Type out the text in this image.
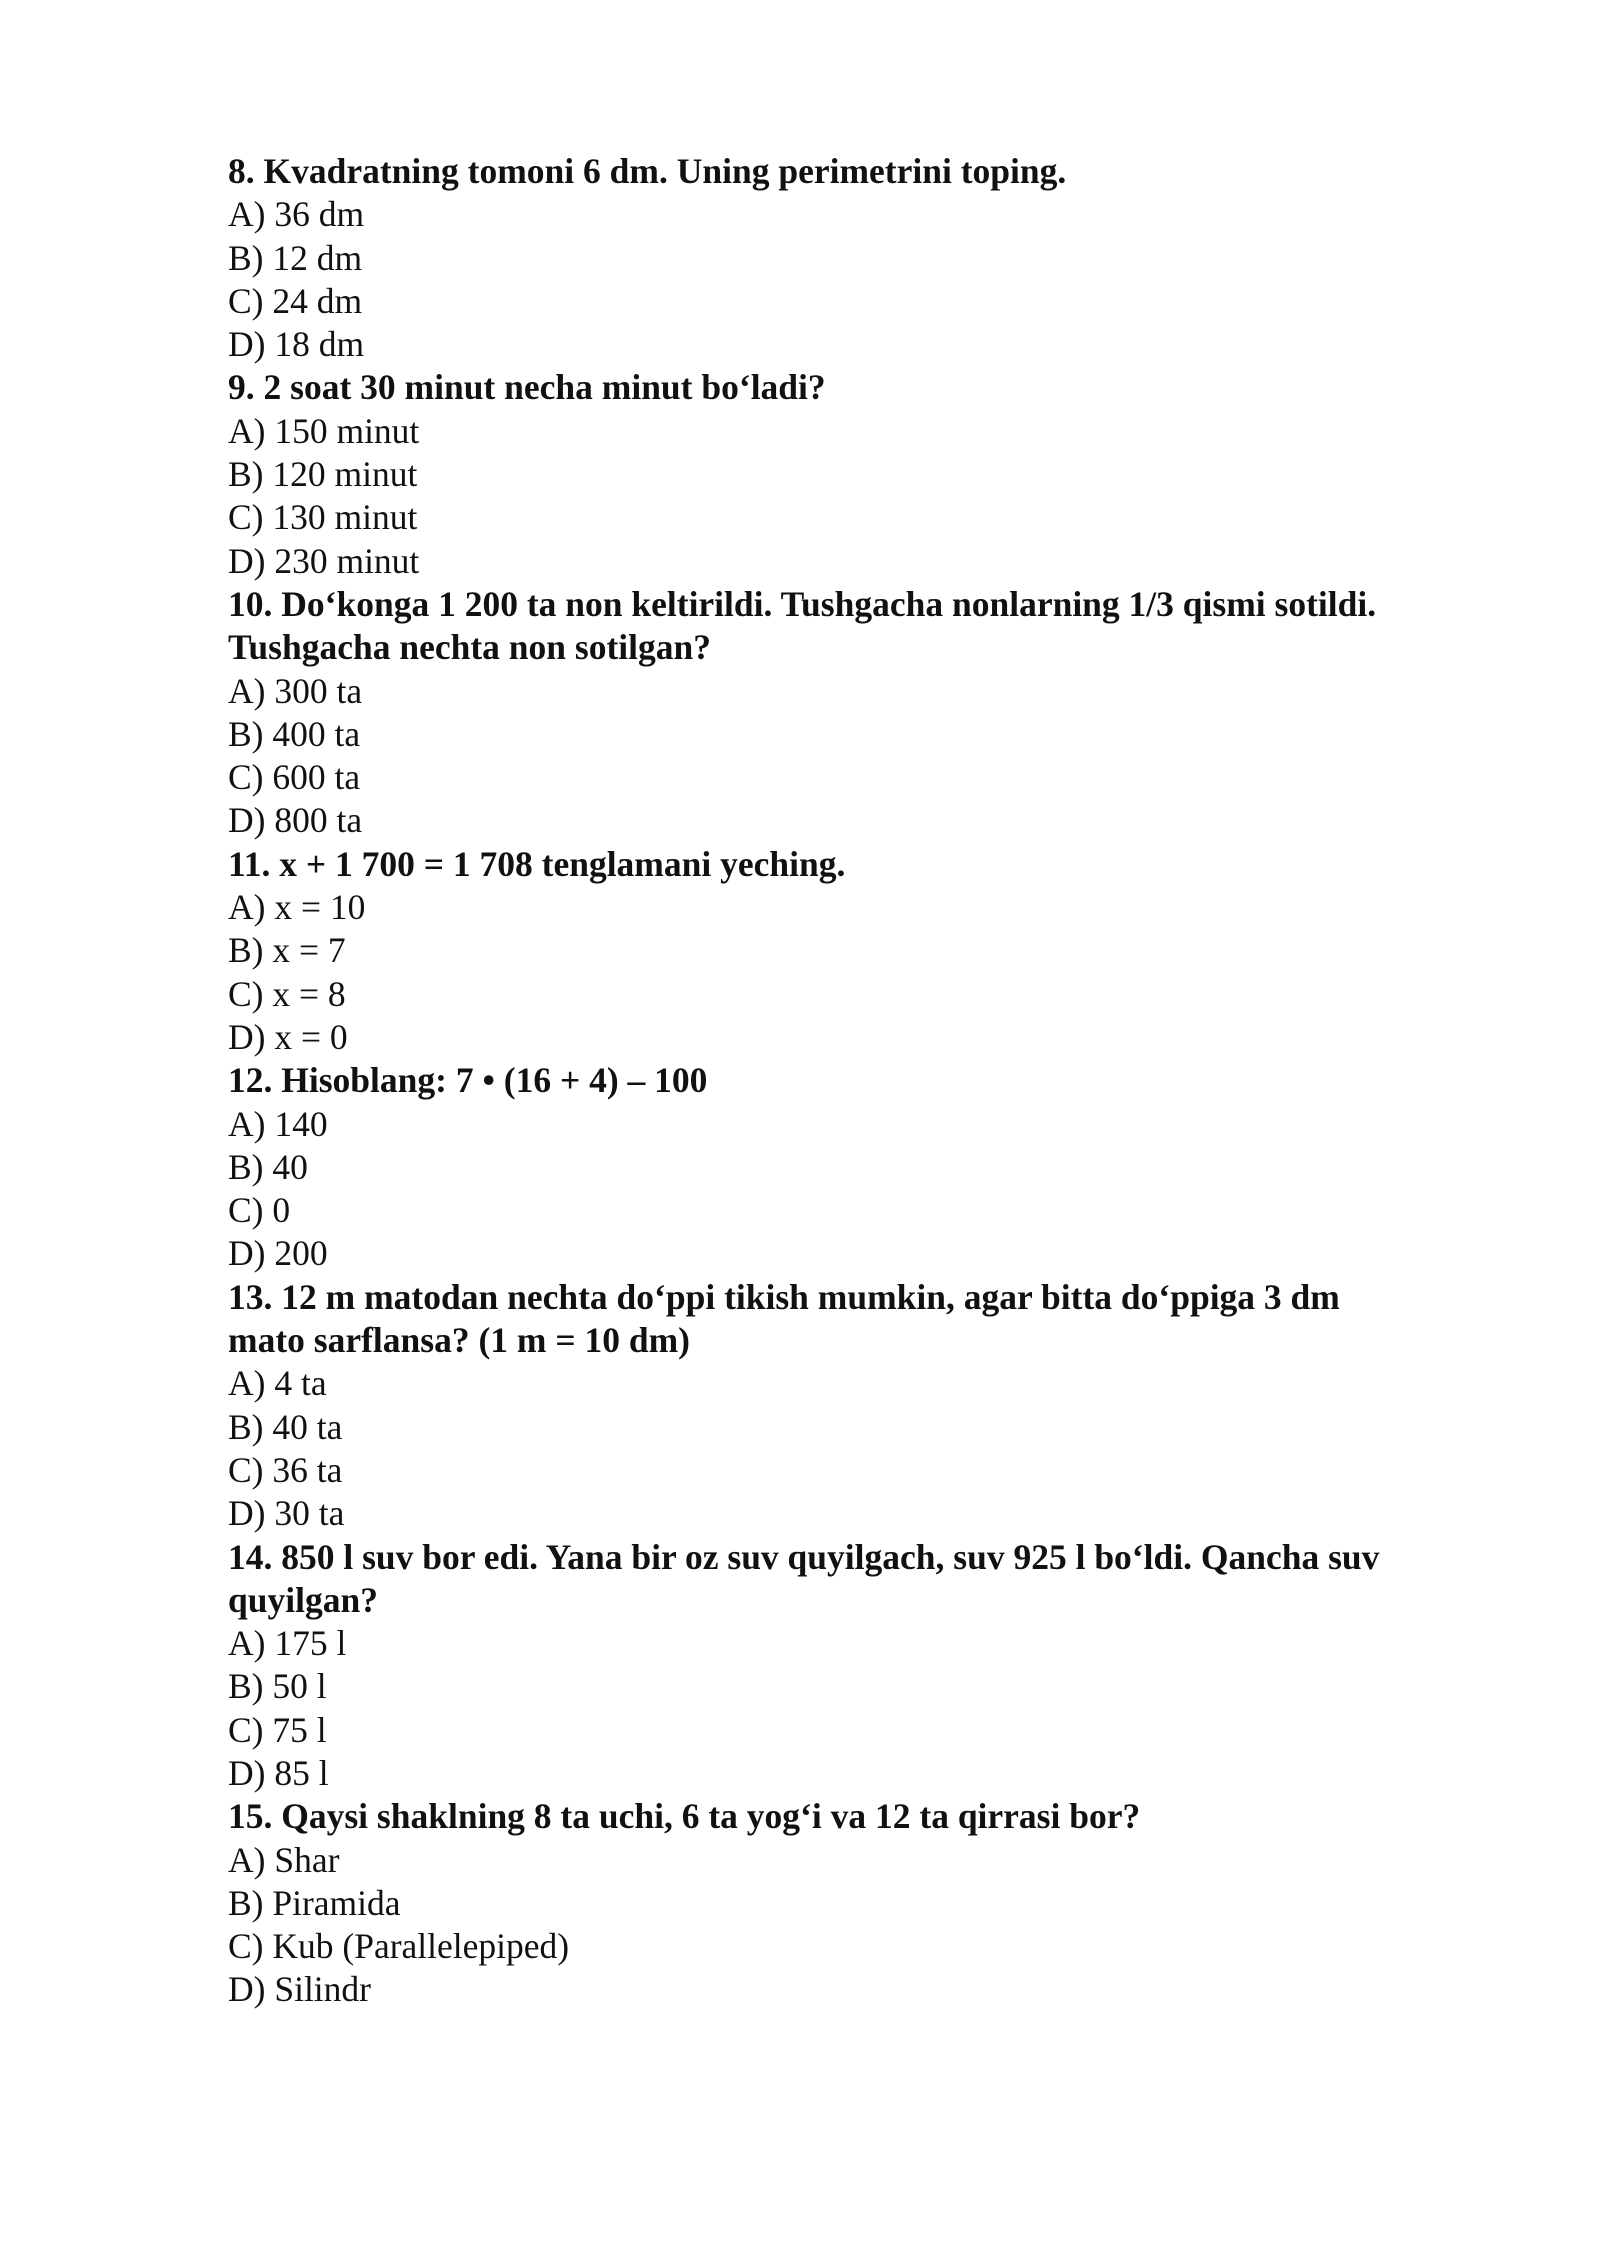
8. Kvadratning tomoni 6 dm. Uning perimetrini toping.

A) 36 dm

B) 12 dm

C) 24 dm

D) 18 dm

9. 2 soat 30 minut necha minut bo‘ladi?

A) 150 minut

B) 120 minut

C) 130 minut

D) 230 minut

10. Do‘konga 1 200 ta non keltirildi. Tushgacha nonlarning 1/3 qismi sotildi.

Tushgacha nechta non sotilgan?

A) 300 ta

B) 400 ta

C) 600 ta

D) 800 ta

11. x + 1 700 = 1 708 tenglamani yeching.

A) x = 10

B) x = 7

C) x = 8

D) x = 0

12. Hisoblang: 7 • (16 + 4) – 100

A) 140

B) 40

C) 0

D) 200

13. 12 m matodan nechta do‘ppi tikish mumkin, agar bitta do‘ppiga 3 dm

mato sarflansa? (1 m = 10 dm)

A) 4 ta

B) 40 ta

C) 36 ta

D) 30 ta

14. 850 l suv bor edi. Yana bir oz suv quyilgach, suv 925 l bo‘ldi. Qancha suv

quyilgan?

A) 175 l

B) 50 l

C) 75 l

D) 85 l

15. Qaysi shaklning 8 ta uchi, 6 ta yog‘i va 12 ta qirrasi bor?

A) Shar

B) Piramida

C) Kub (Parallelepiped)

D) Silindr
